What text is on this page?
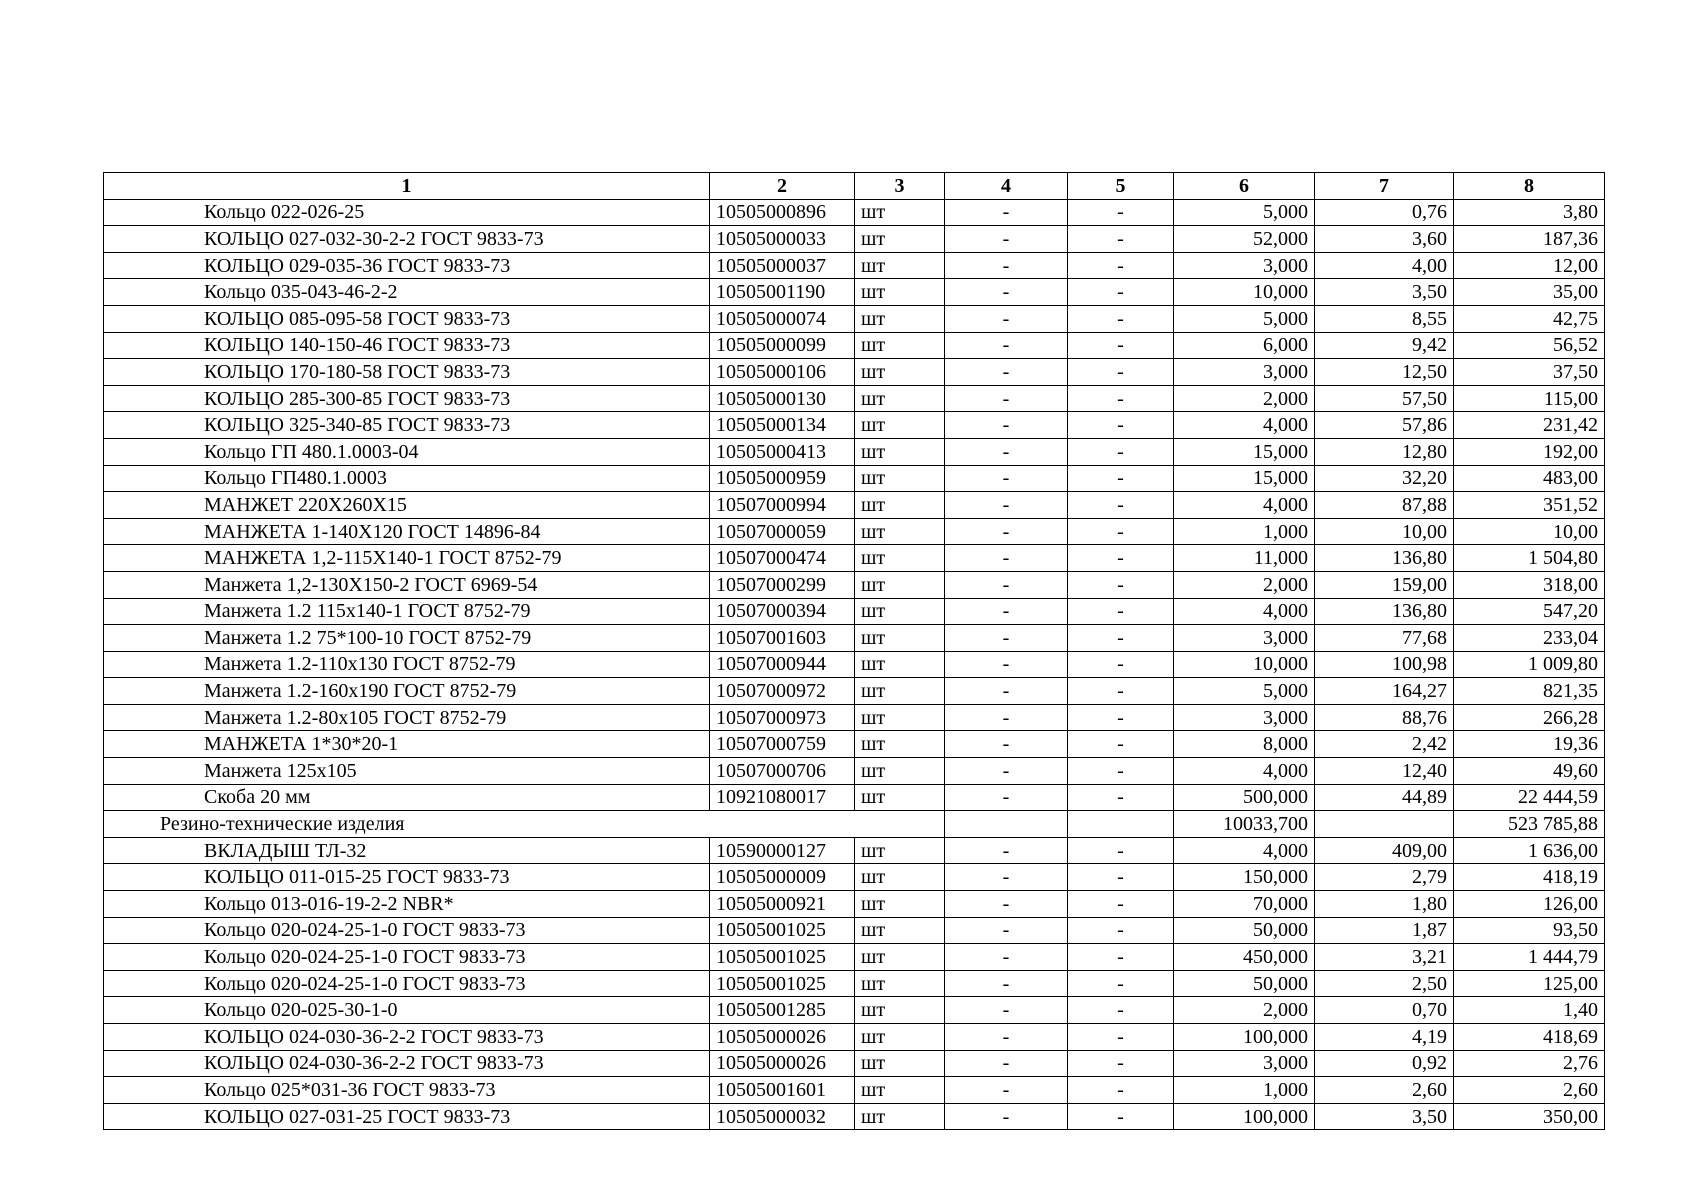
1	2	3	4	5	6	7	8
Кольцо 022-026-25	10505000896	шт	-	-	5,000	0,76	3,80
КОЛЬЦО 027-032-30-2-2 ГОСТ 9833-73	10505000033	шт	-	-	52,000	3,60	187,36
КОЛЬЦО 029-035-36 ГОСТ 9833-73	10505000037	шт	-	-	3,000	4,00	12,00
Кольцо 035-043-46-2-2	10505001190	шт	-	-	10,000	3,50	35,00
КОЛЬЦО 085-095-58 ГОСТ 9833-73	10505000074	шт	-	-	5,000	8,55	42,75
КОЛЬЦО 140-150-46 ГОСТ 9833-73	10505000099	шт	-	-	6,000	9,42	56,52
КОЛЬЦО 170-180-58 ГОСТ 9833-73	10505000106	шт	-	-	3,000	12,50	37,50
КОЛЬЦО 285-300-85 ГОСТ 9833-73	10505000130	шт	-	-	2,000	57,50	115,00
КОЛЬЦО 325-340-85 ГОСТ 9833-73	10505000134	шт	-	-	4,000	57,86	231,42
Кольцо ГП 480.1.0003-04	10505000413	шт	-	-	15,000	12,80	192,00
Кольцо ГП480.1.0003	10505000959	шт	-	-	15,000	32,20	483,00
МАНЖЕТ 220Х260Х15	10507000994	шт	-	-	4,000	87,88	351,52
МАНЖЕТА 1-140Х120 ГОСТ 14896-84	10507000059	шт	-	-	1,000	10,00	10,00
МАНЖЕТА 1,2-115Х140-1 ГОСТ 8752-79	10507000474	шт	-	-	11,000	136,80	1 504,80
Манжета 1,2-130Х150-2 ГОСТ 6969-54	10507000299	шт	-	-	2,000	159,00	318,00
Манжета 1.2 115х140-1 ГОСТ 8752-79	10507000394	шт	-	-	4,000	136,80	547,20
Манжета 1.2 75*100-10 ГОСТ 8752-79	10507001603	шт	-	-	3,000	77,68	233,04
Манжета 1.2-110х130 ГОСТ 8752-79	10507000944	шт	-	-	10,000	100,98	1 009,80
Манжета 1.2-160х190 ГОСТ 8752-79	10507000972	шт	-	-	5,000	164,27	821,35
Манжета 1.2-80х105 ГОСТ 8752-79	10507000973	шт	-	-	3,000	88,76	266,28
МАНЖЕТА 1*30*20-1	10507000759	шт	-	-	8,000	2,42	19,36
Манжета 125х105	10507000706	шт	-	-	4,000	12,40	49,60
Скоба 20 мм	10921080017	шт	-	-	500,000	44,89	22 444,59
Резино-технические изделия					10033,700		523 785,88
ВКЛАДЫШ ТЛ-32	10590000127	шт	-	-	4,000	409,00	1 636,00
КОЛЬЦО 011-015-25 ГОСТ 9833-73	10505000009	шт	-	-	150,000	2,79	418,19
Кольцо 013-016-19-2-2 NBR*	10505000921	шт	-	-	70,000	1,80	126,00
Кольцо 020-024-25-1-0 ГОСТ 9833-73	10505001025	шт	-	-	50,000	1,87	93,50
Кольцо 020-024-25-1-0 ГОСТ 9833-73	10505001025	шт	-	-	450,000	3,21	1 444,79
Кольцо 020-024-25-1-0 ГОСТ 9833-73	10505001025	шт	-	-	50,000	2,50	125,00
Кольцо 020-025-30-1-0	10505001285	шт	-	-	2,000	0,70	1,40
КОЛЬЦО 024-030-36-2-2 ГОСТ 9833-73	10505000026	шт	-	-	100,000	4,19	418,69
КОЛЬЦО 024-030-36-2-2 ГОСТ 9833-73	10505000026	шт	-	-	3,000	0,92	2,76
Кольцо 025*031-36 ГОСТ 9833-73	10505001601	шт	-	-	1,000	2,60	2,60
КОЛЬЦО 027-031-25 ГОСТ 9833-73	10505000032	шт	-	-	100,000	3,50	350,00
